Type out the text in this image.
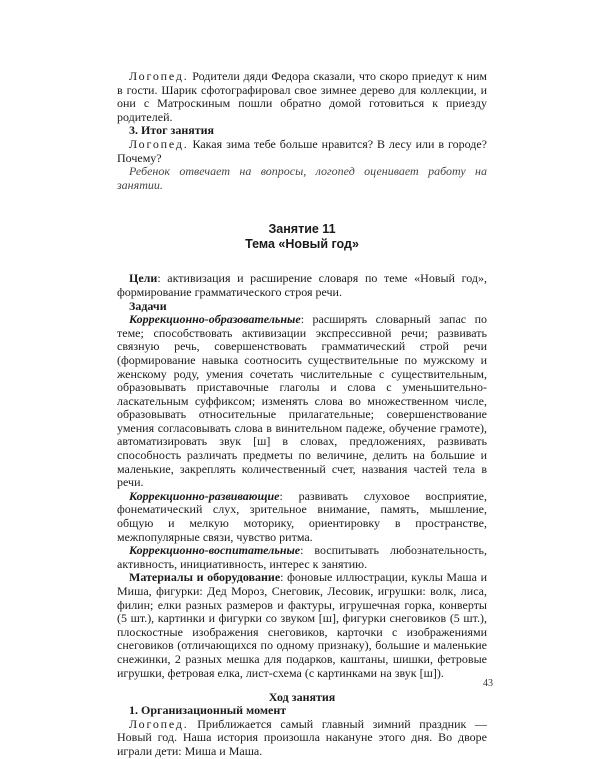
Логопед. Родители дяди Федора сказали, что скоро приедут к ним в гости. Шарик сфотографировал свое зимнее дерево для коллекции, и они с Матроскиным пошли обратно домой готовиться к приезду родителей.

3. Итог занятия

Логопед. Какая зима тебе больше нравится? В лесу или в городе? Почему?

Ребенок отвечает на вопросы, логопед оценивает работу на занятии.

Занятие 11
Тема «Новый год»

Цели: активизация и расширение словаря по теме «Новый год», формирование грамматического строя речи.

Задачи

Коррекционно-образовательные: расширять словарный запас по теме; способствовать активизации экспрессивной речи; развивать связную речь, совершенствовать грамматический строй речи (формирование навыка соотносить существительные по мужскому и женскому роду, умения сочетать числительные с существительным, образовывать приставочные глаголы и слова с уменьшительно-ласкательным суффиксом; изменять слова во множественном числе, образовывать относительные прилагательные; совершенствование умения согласовывать слова в винительном падеже, обучение грамоте), автоматизировать звук [ш] в словах, предложениях, развивать способность различать предметы по величине, делить на большие и маленькие, закреплять количественный счет, названия частей тела в речи.

Коррекционно-развивающие: развивать слуховое восприятие, фонематический слух, зрительное внимание, память, мышление, общую и мелкую моторику, ориентировку в пространстве, межпопулярные связи, чувство ритма.

Коррекционно-воспитательные: воспитывать любознательность, активность, инициативность, интерес к занятию.

Материалы и оборудование: фоновые иллюстрации, куклы Маша и Миша, фигурки: Дед Мороз, Снеговик, Лесовик, игрушки: волк, лиса, филин; елки разных размеров и фактуры, игрушечная горка, конверты (5 шт.), картинки и фигурки со звуком [ш], фигурки снеговиков (5 шт.), плоскостные изображения снеговиков, карточки с изображениями снеговиков (отличающихся по одному признаку), большие и маленькие снежинки, 2 разных мешка для подарков, каштаны, шишки, фетровые игрушки, фетровая елка, лист-схема (с картинками на звук [ш]).

Ход занятия

1. Организационный момент

Логопед. Приближается самый главный зимний праздник — Новый год. Наша история произошла накануне этого дня. Во дворе играли дети: Миша и Маша.

43
